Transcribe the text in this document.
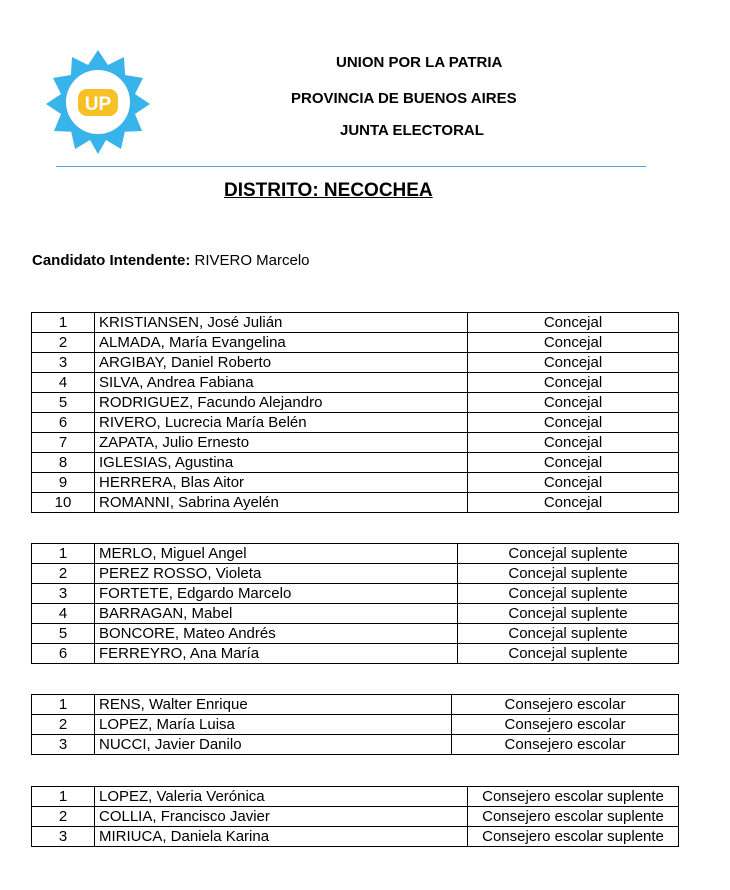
UP
UNION POR LA PATRIA
PROVINCIA DE BUENOS AIRES
JUNTA ELECTORAL
DISTRITO: NECOCHEA
Candidato Intendente: RIVERO Marcelo
1	KRISTIANSEN, José Julián	Concejal
2	ALMADA, María Evangelina	Concejal
3	ARGIBAY, Daniel Roberto	Concejal
4	SILVA, Andrea Fabiana	Concejal
5	RODRIGUEZ, Facundo Alejandro	Concejal
6	RIVERO, Lucrecia María Belén	Concejal
7	ZAPATA, Julio Ernesto	Concejal
8	IGLESIAS, Agustina	Concejal
9	HERRERA, Blas Aitor	Concejal
10	ROMANNI, Sabrina Ayelén	Concejal
1	MERLO, Miguel Angel	Concejal suplente
2	PEREZ ROSSO, Violeta	Concejal suplente
3	FORTETE, Edgardo Marcelo	Concejal suplente
4	BARRAGAN, Mabel	Concejal suplente
5	BONCORE, Mateo Andrés	Concejal suplente
6	FERREYRO, Ana María	Concejal suplente
1	RENS, Walter Enrique	Consejero escolar
2	LOPEZ, María Luisa	Consejero escolar
3	NUCCI, Javier Danilo	Consejero escolar
1	LOPEZ, Valeria Verónica	Consejero escolar suplente
2	COLLIA, Francisco Javier	Consejero escolar suplente
3	MIRIUCA, Daniela Karina	Consejero escolar suplente
